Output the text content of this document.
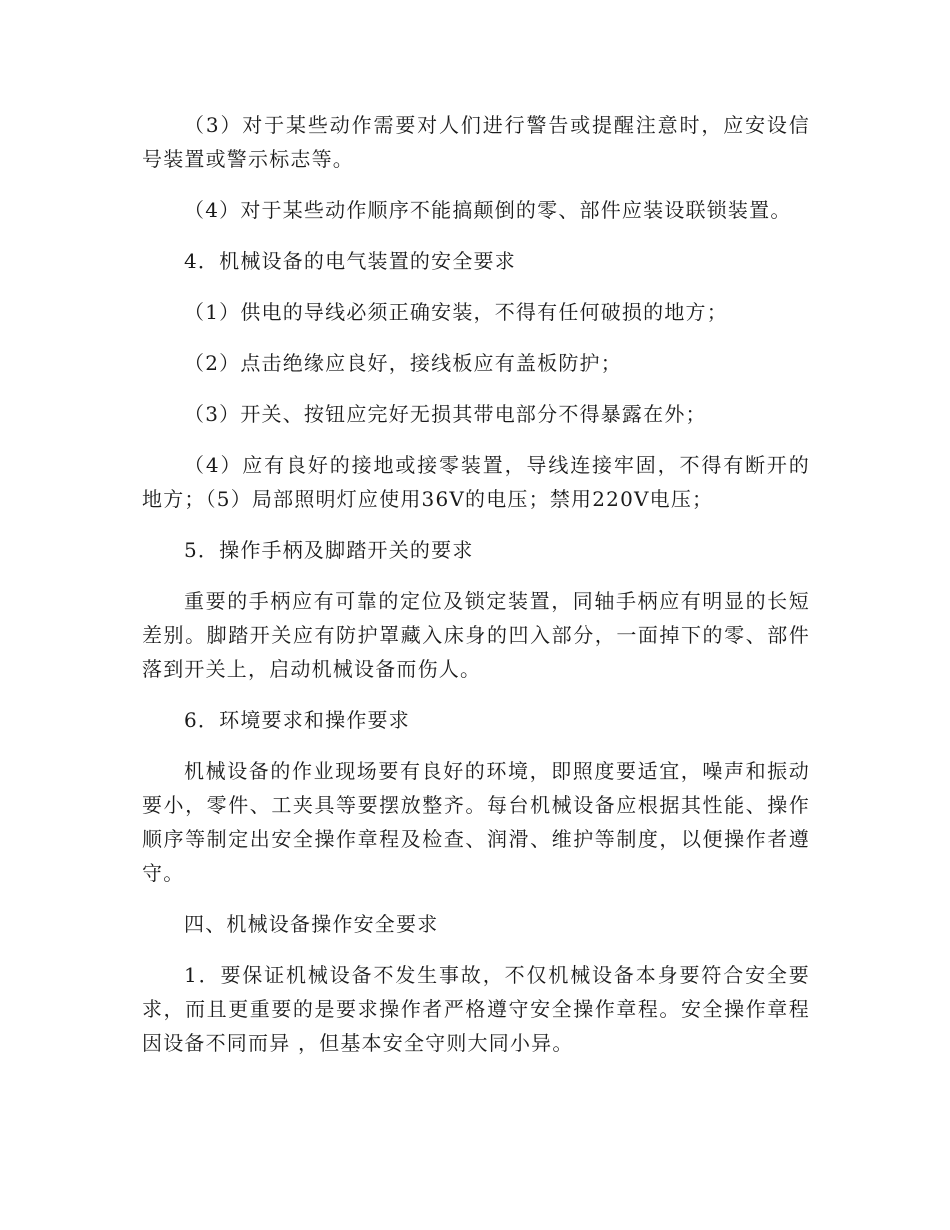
（3）对于某些动作需要对人们进行警告或提醒注意时，应安设信号装置或警示标志等。

（4）对于某些动作顺序不能搞颠倒的零、部件应装设联锁装置。

4．机械设备的电气装置的安全要求

（1）供电的导线必须正确安装，不得有任何破损的地方；

（2）点击绝缘应良好，接线板应有盖板防护；

（3）开关、按钮应完好无损其带电部分不得暴露在外；

（4）应有良好的接地或接零装置，导线连接牢固，不得有断开的地方；（5）局部照明灯应使用36V的电压；禁用220V电压；

5．操作手柄及脚踏开关的要求

重要的手柄应有可靠的定位及锁定装置，同轴手柄应有明显的长短差别。脚踏开关应有防护罩藏入床身的凹入部分，一面掉下的零、部件落到开关上，启动机械设备而伤人。

6．环境要求和操作要求

机械设备的作业现场要有良好的环境，即照度要适宜，噪声和振动要小，零件、工夹具等要摆放整齐。每台机械设备应根据其性能、操作顺序等制定出安全操作章程及检查、润滑、维护等制度，以便操作者遵守。

四、机械设备操作安全要求

1．要保证机械设备不发生事故，不仅机械设备本身要符合安全要求，而且更重要的是要求操作者严格遵守安全操作章程。安全操作章程因设备不同而异 ，但基本安全守则大同小异。
